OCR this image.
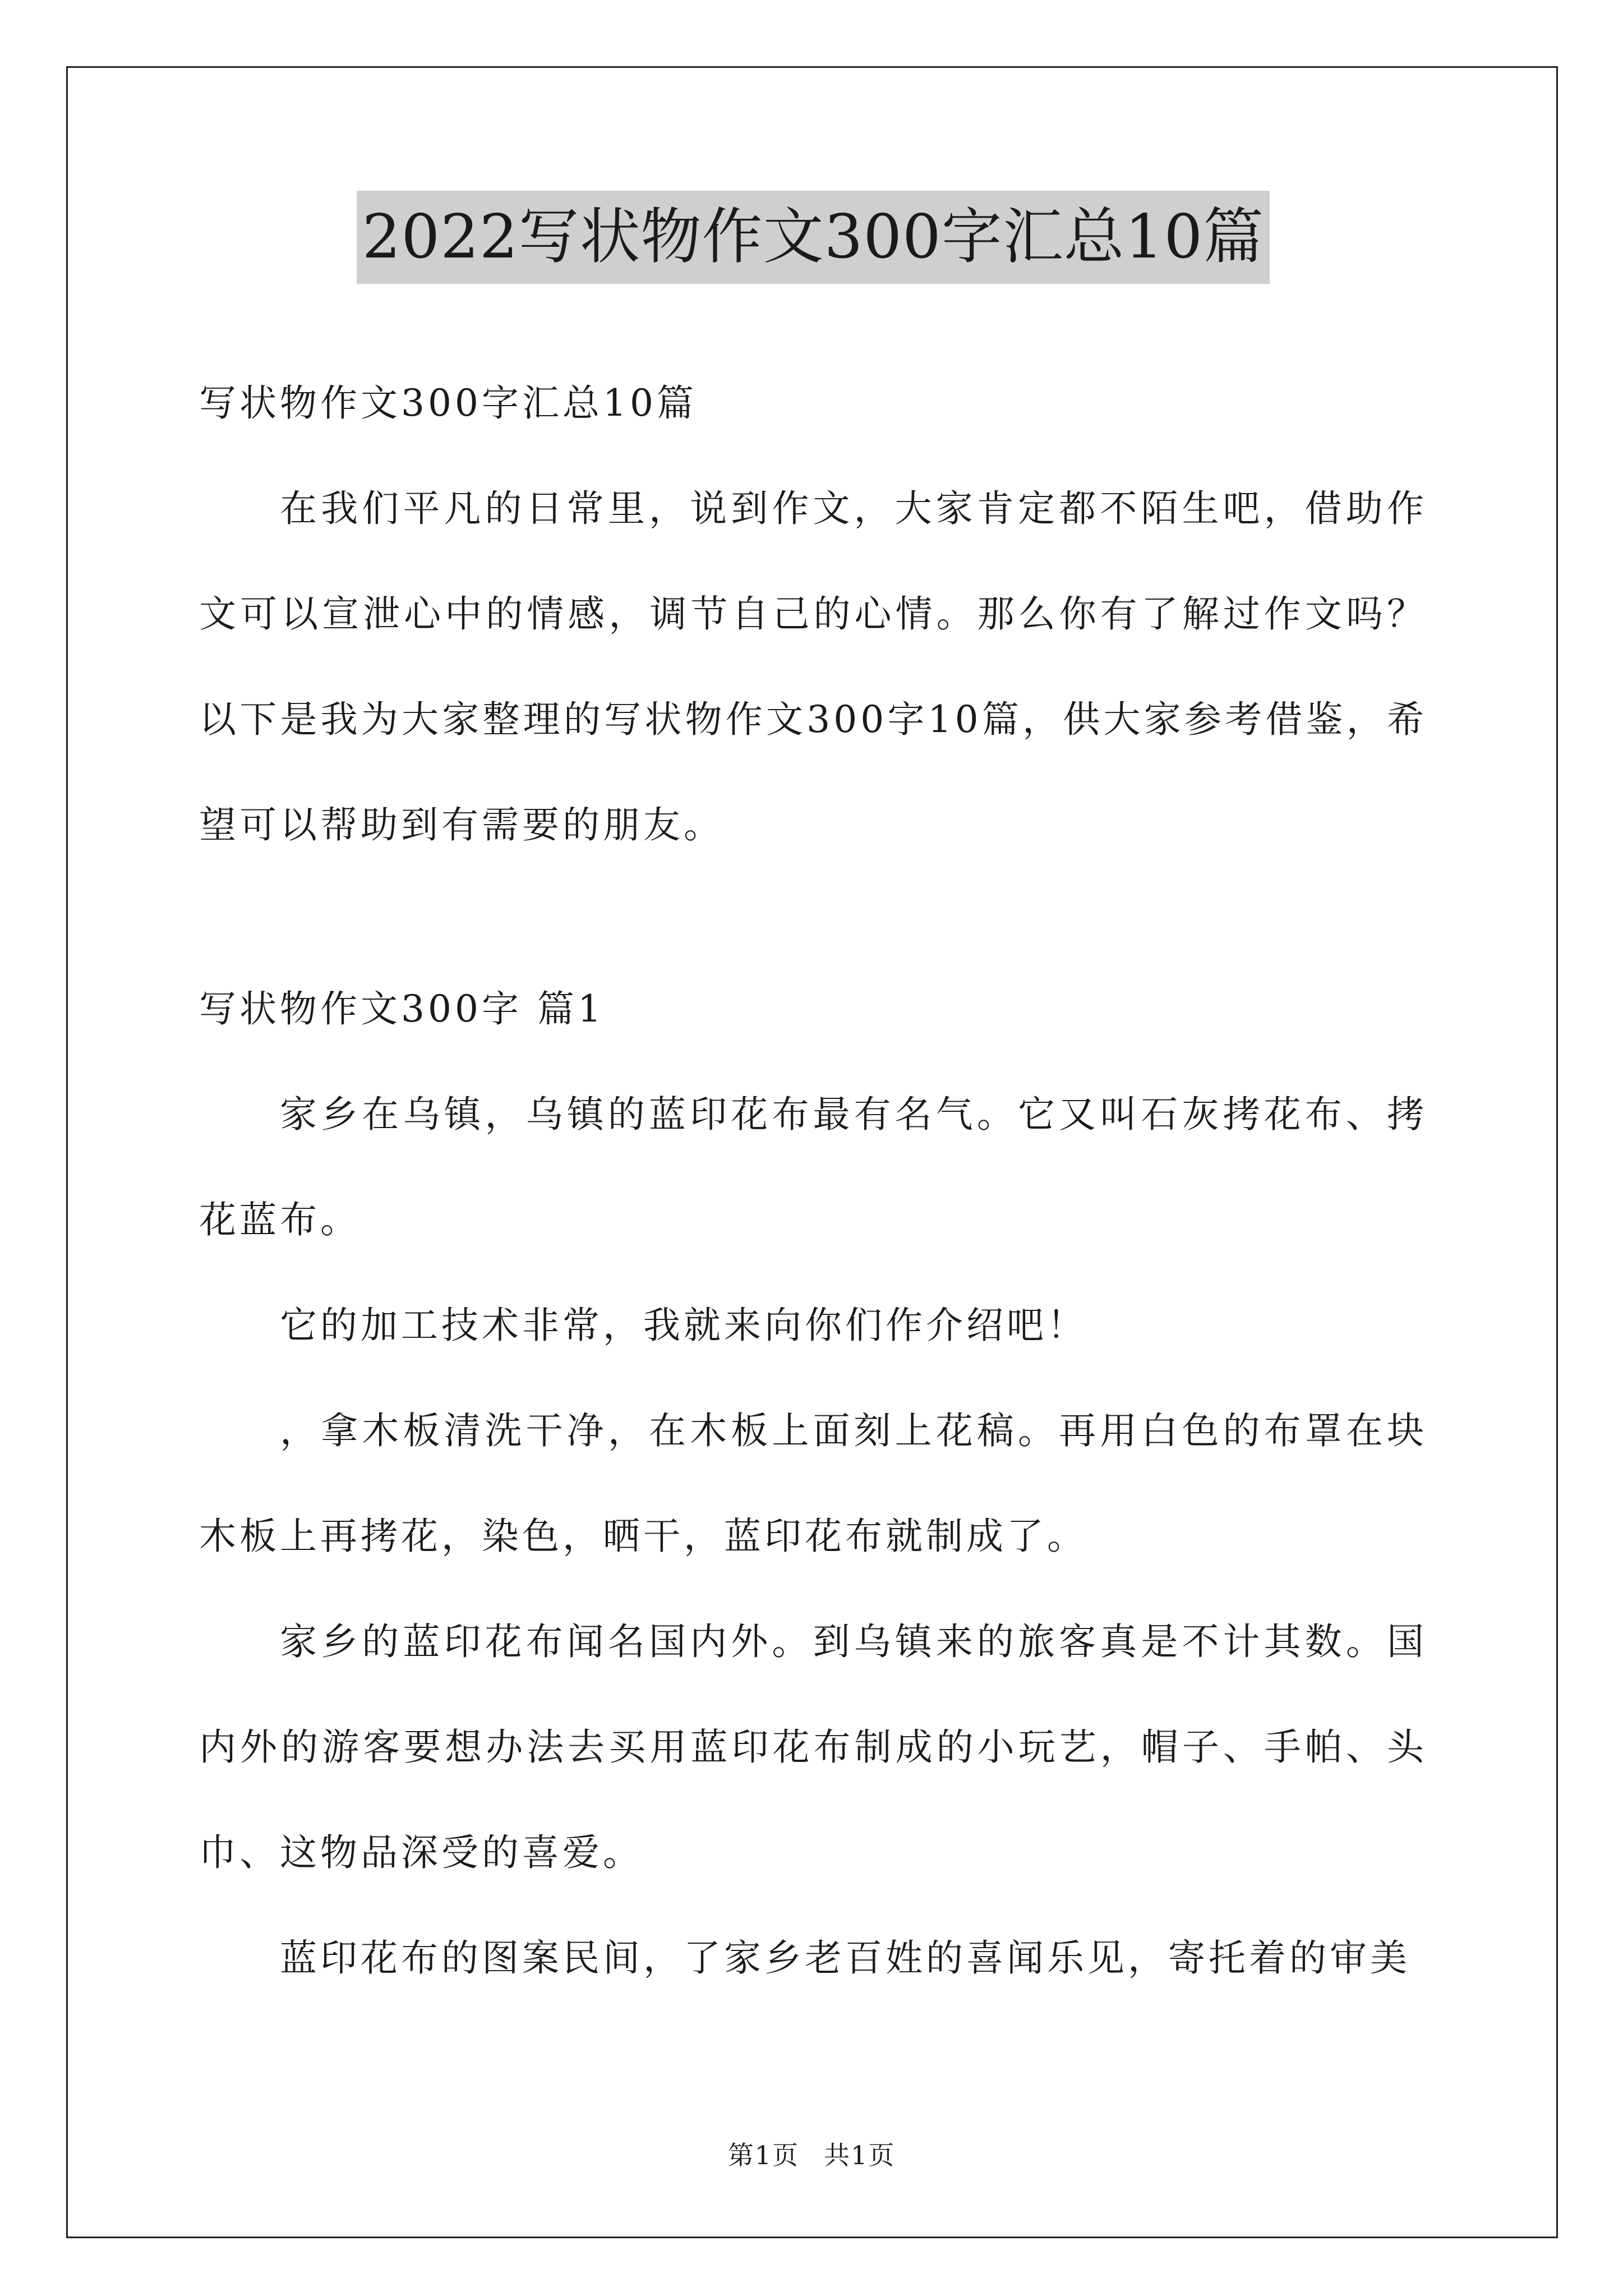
2022写状物作文300字汇总10篇

写状物作文300字汇总10篇

在我们平凡的日常里，说到作文，大家肯定都不陌生吧，借助作文可以宣泄心中的情感，调节自己的心情。那么你有了解过作文吗？以下是我为大家整理的写状物作文300字10篇，供大家参考借鉴，希望可以帮助到有需要的朋友。

写状物作文300字 篇1

家乡在乌镇，乌镇的蓝印花布最有名气。它又叫石灰拷花布、拷花蓝布。

它的加工技术非常，我就来向你们作介绍吧！

，拿木板清洗干净，在木板上面刻上花稿。再用白色的布罩在块木板上再拷花，染色，晒干，蓝印花布就制成了。

家乡的蓝印花布闻名国内外。到乌镇来的旅客真是不计其数。国内外的游客要想办法去买用蓝印花布制成的小玩艺，帽子、手帕、头巾、这物品深受的喜爱。

蓝印花布的图案民间，了家乡老百姓的喜闻乐见，寄托着的审美

第1页 共1页
